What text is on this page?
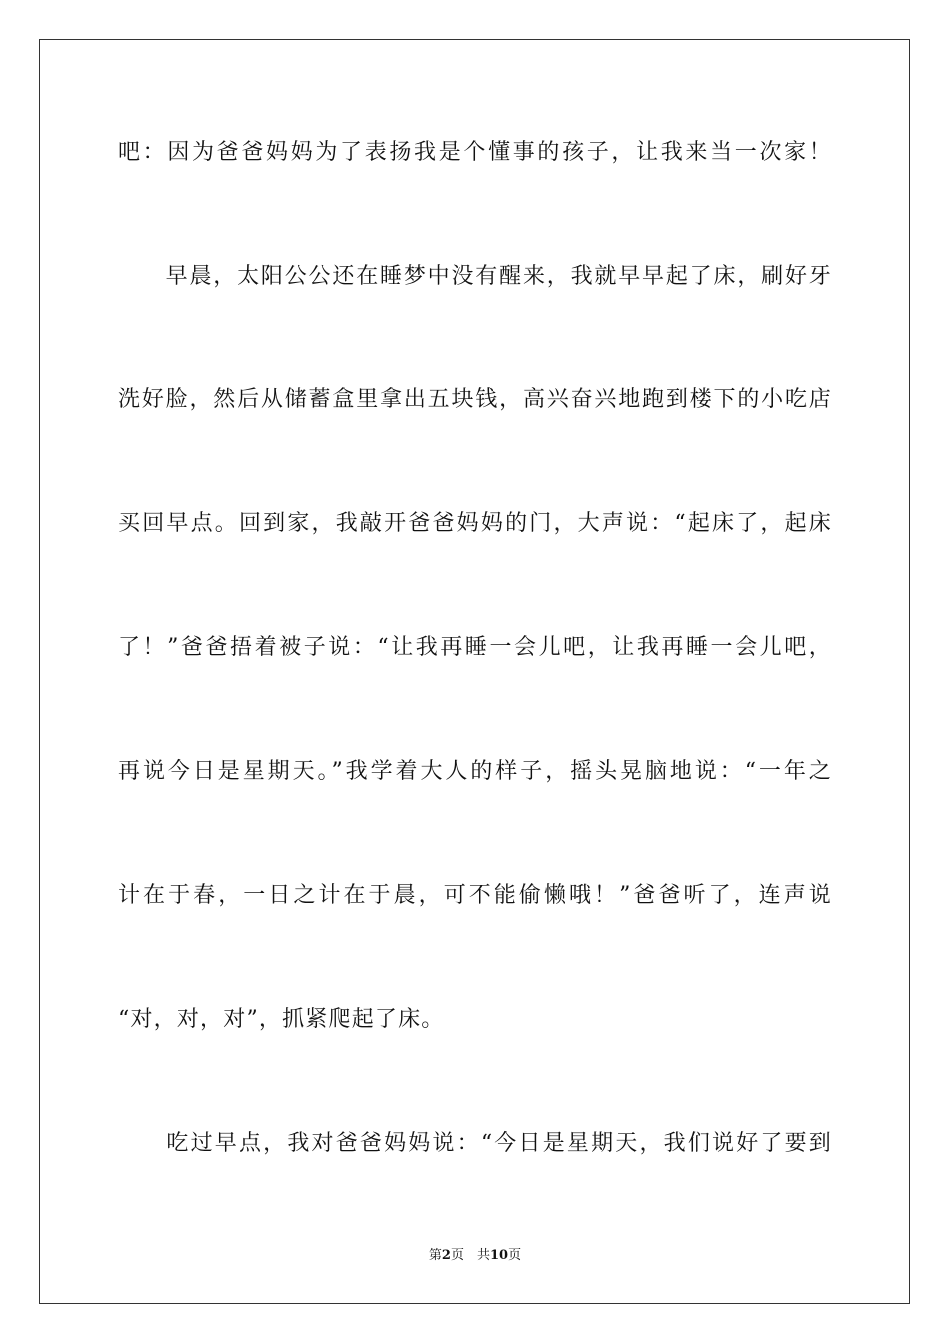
吧：因为爸爸妈妈为了表扬我是个懂事的孩子，让我来当一次家！
　　早晨，太阳公公还在睡梦中没有醒来，我就早早起了床，刷好牙
洗好脸，然后从储蓄盒里拿出五块钱，高兴奋兴地跑到楼下的小吃店
买回早点。回到家，我敲开爸爸妈妈的门，大声说：“起床了，起床
了！”爸爸捂着被子说：“让我再睡一会儿吧，让我再睡一会儿吧，
再说今日是星期天。”我学着大人的样子，摇头晃脑地说：“一年之
计在于春，一日之计在于晨，可不能偷懒哦！”爸爸听了，连声说
“对，对，对”，抓紧爬起了床。
　　吃过早点，我对爸爸妈妈说：“今日是星期天，我们说好了要到
第2页　共10页
